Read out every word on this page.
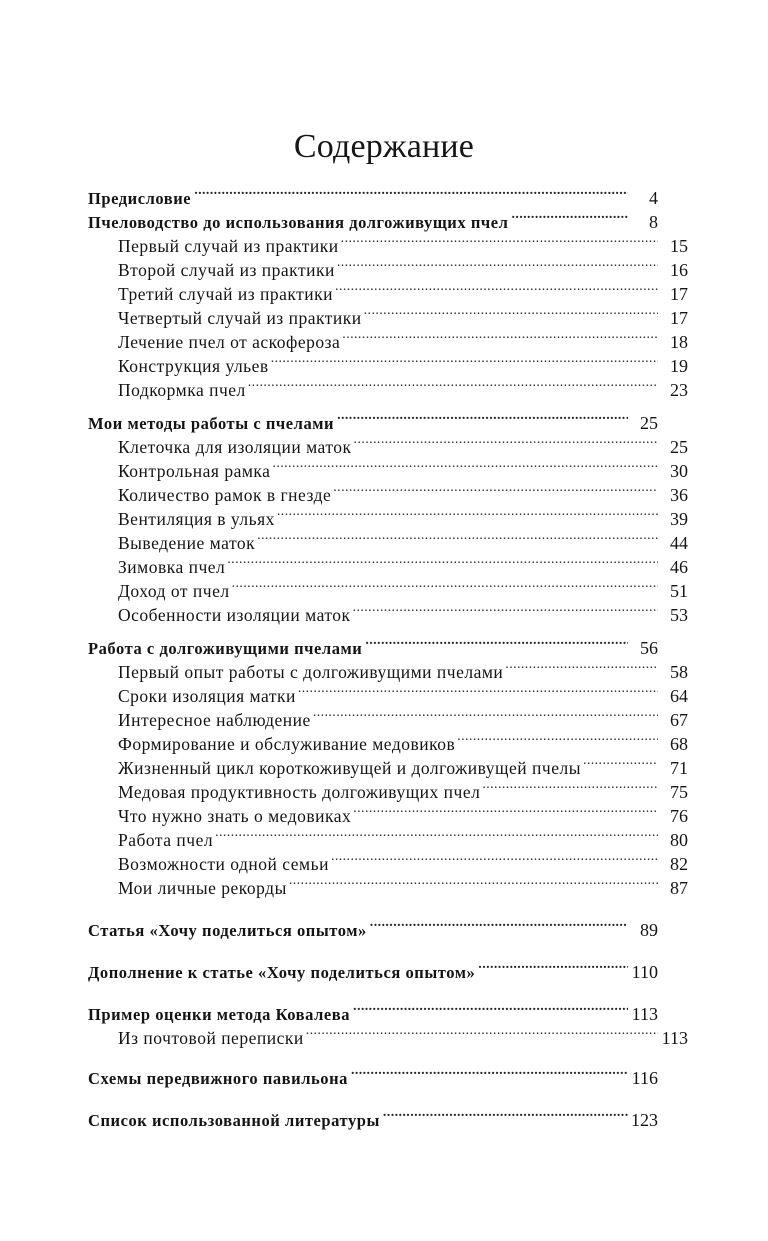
Содержание
Предисловие .....	4
Пчеловодство до использования долгоживущих пчел .....	8
Первый случай из практики .....	15
Второй случай из практики .....	16
Третий случай из практики .....	17
Четвертый случай из практики .....	17
Лечение пчел от аскофероза .....	18
Конструкция ульев .....	19
Подкормка пчел .....	23
Мои методы работы с пчелами .....	25
Клеточка для изоляции маток .....	25
Контрольная рамка .....	30
Количество рамок в гнезде .....	36
Вентиляция в ульях .....	39
Выведение маток .....	44
Зимовка пчел .....	46
Доход от пчел .....	51
Особенности изоляции маток .....	53
Работа с долгоживущими пчелами .....	56
Первый опыт работы с долгоживущими пчелами .....	58
Сроки изоляция матки .....	64
Интересное наблюдение .....	67
Формирование и обслуживание медовиков .....	68
Жизненный цикл короткоживущей и долгоживущей пчелы .....	71
Медовая продуктивность долгоживущих пчел .....	75
Что нужно знать о медовиках .....	76
Работа пчел .....	80
Возможности одной семьи .....	82
Мои личные рекорды .....	87
Статья «Хочу поделиться опытом» .....	89
Дополнение к статье «Хочу поделиться опытом» .....	110
Пример оценки метода Ковалева .....	113
Из почтовой переписки .....	113
Схемы передвижного павильона .....	116
Список использованной литературы .....	123
